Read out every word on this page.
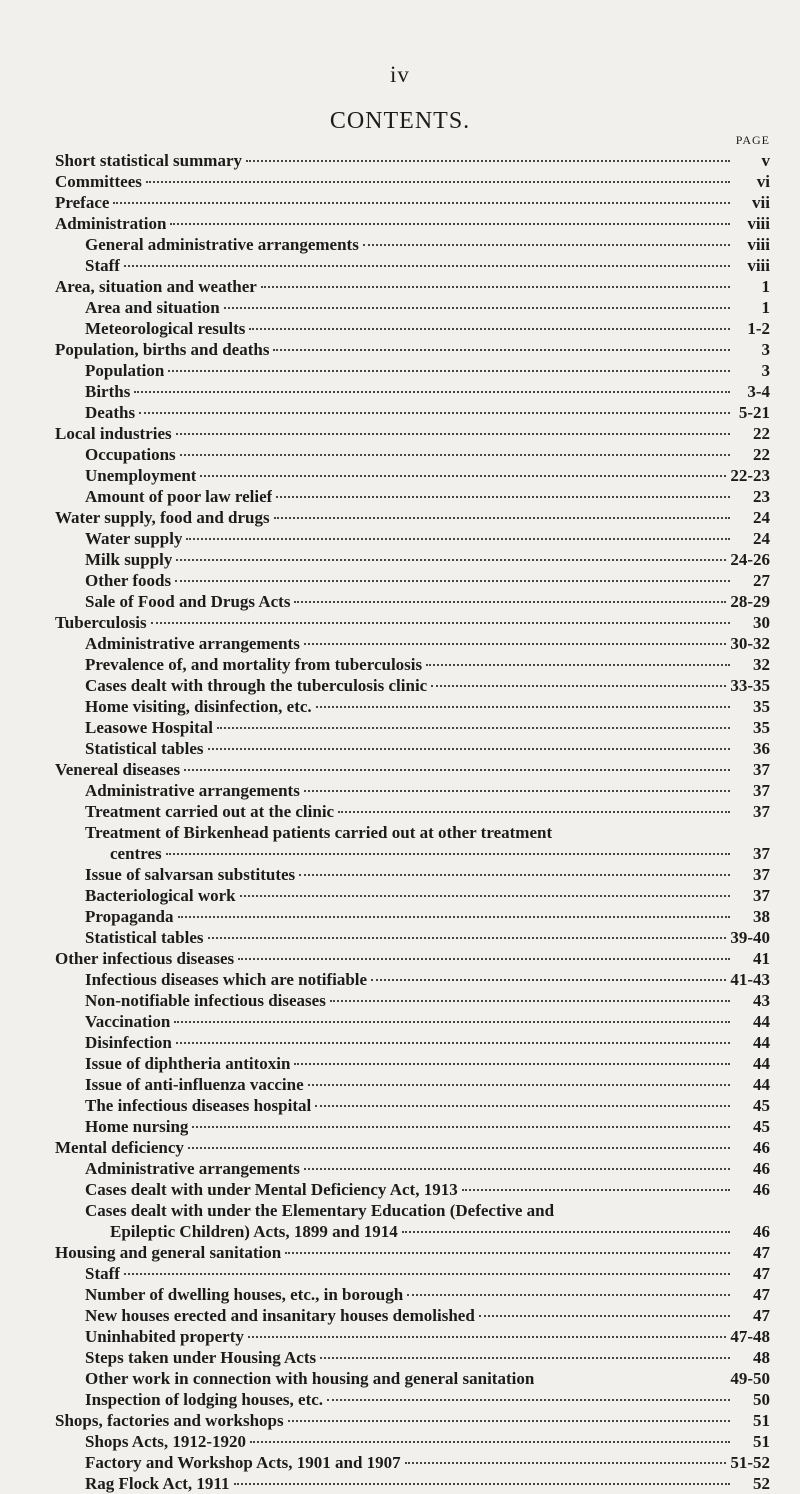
iv
CONTENTS.
PAGE
Short statistical summary	v
Committees	vi
Preface	vii
Administration	viii
General administrative arrangements	viii
Staff	viii
Area, situation and weather	1
Area and situation	1
Meteorological results	1-2
Population, births and deaths	3
Population	3
Births	3-4
Deaths	5-21
Local industries	22
Occupations	22
Unemployment	22-23
Amount of poor law relief	23
Water supply, food and drugs	24
Water supply	24
Milk supply	24-26
Other foods	27
Sale of Food and Drugs Acts	28-29
Tuberculosis	30
Administrative arrangements	30-32
Prevalence of, and mortality from tuberculosis	32
Cases dealt with through the tuberculosis clinic	33-35
Home visiting, disinfection, etc.	35
Leasowe Hospital	35
Statistical tables	36
Venereal diseases	37
Administrative arrangements	37
Treatment carried out at the clinic	37
Treatment of Birkenhead patients carried out at other treatment
centres	37
Issue of salvarsan substitutes	37
Bacteriological work	37
Propaganda	38
Statistical tables	39-40
Other infectious diseases	41
Infectious diseases which are notifiable	41-43
Non-notifiable infectious diseases	43
Vaccination	44
Disinfection	44
Issue of diphtheria antitoxin	44
Issue of anti-influenza vaccine	44
The infectious diseases hospital	45
Home nursing	45
Mental deficiency	46
Administrative arrangements	46
Cases dealt with under Mental Deficiency Act, 1913	46
Cases dealt with under the Elementary Education (Defective and
Epileptic Children) Acts, 1899 and 1914	46
Housing and general sanitation	47
Staff	47
Number of dwelling houses, etc., in borough	47
New houses erected and insanitary houses demolished	47
Uninhabited property	47-48
Steps taken under Housing Acts	48
Other work in connection with housing and general sanitation	49-50
Inspection of lodging houses, etc.	50
Shops, factories and workshops	51
Shops Acts, 1912-1920	51
Factory and Workshop Acts, 1901 and 1907	51-52
Rag Flock Act, 1911	52
